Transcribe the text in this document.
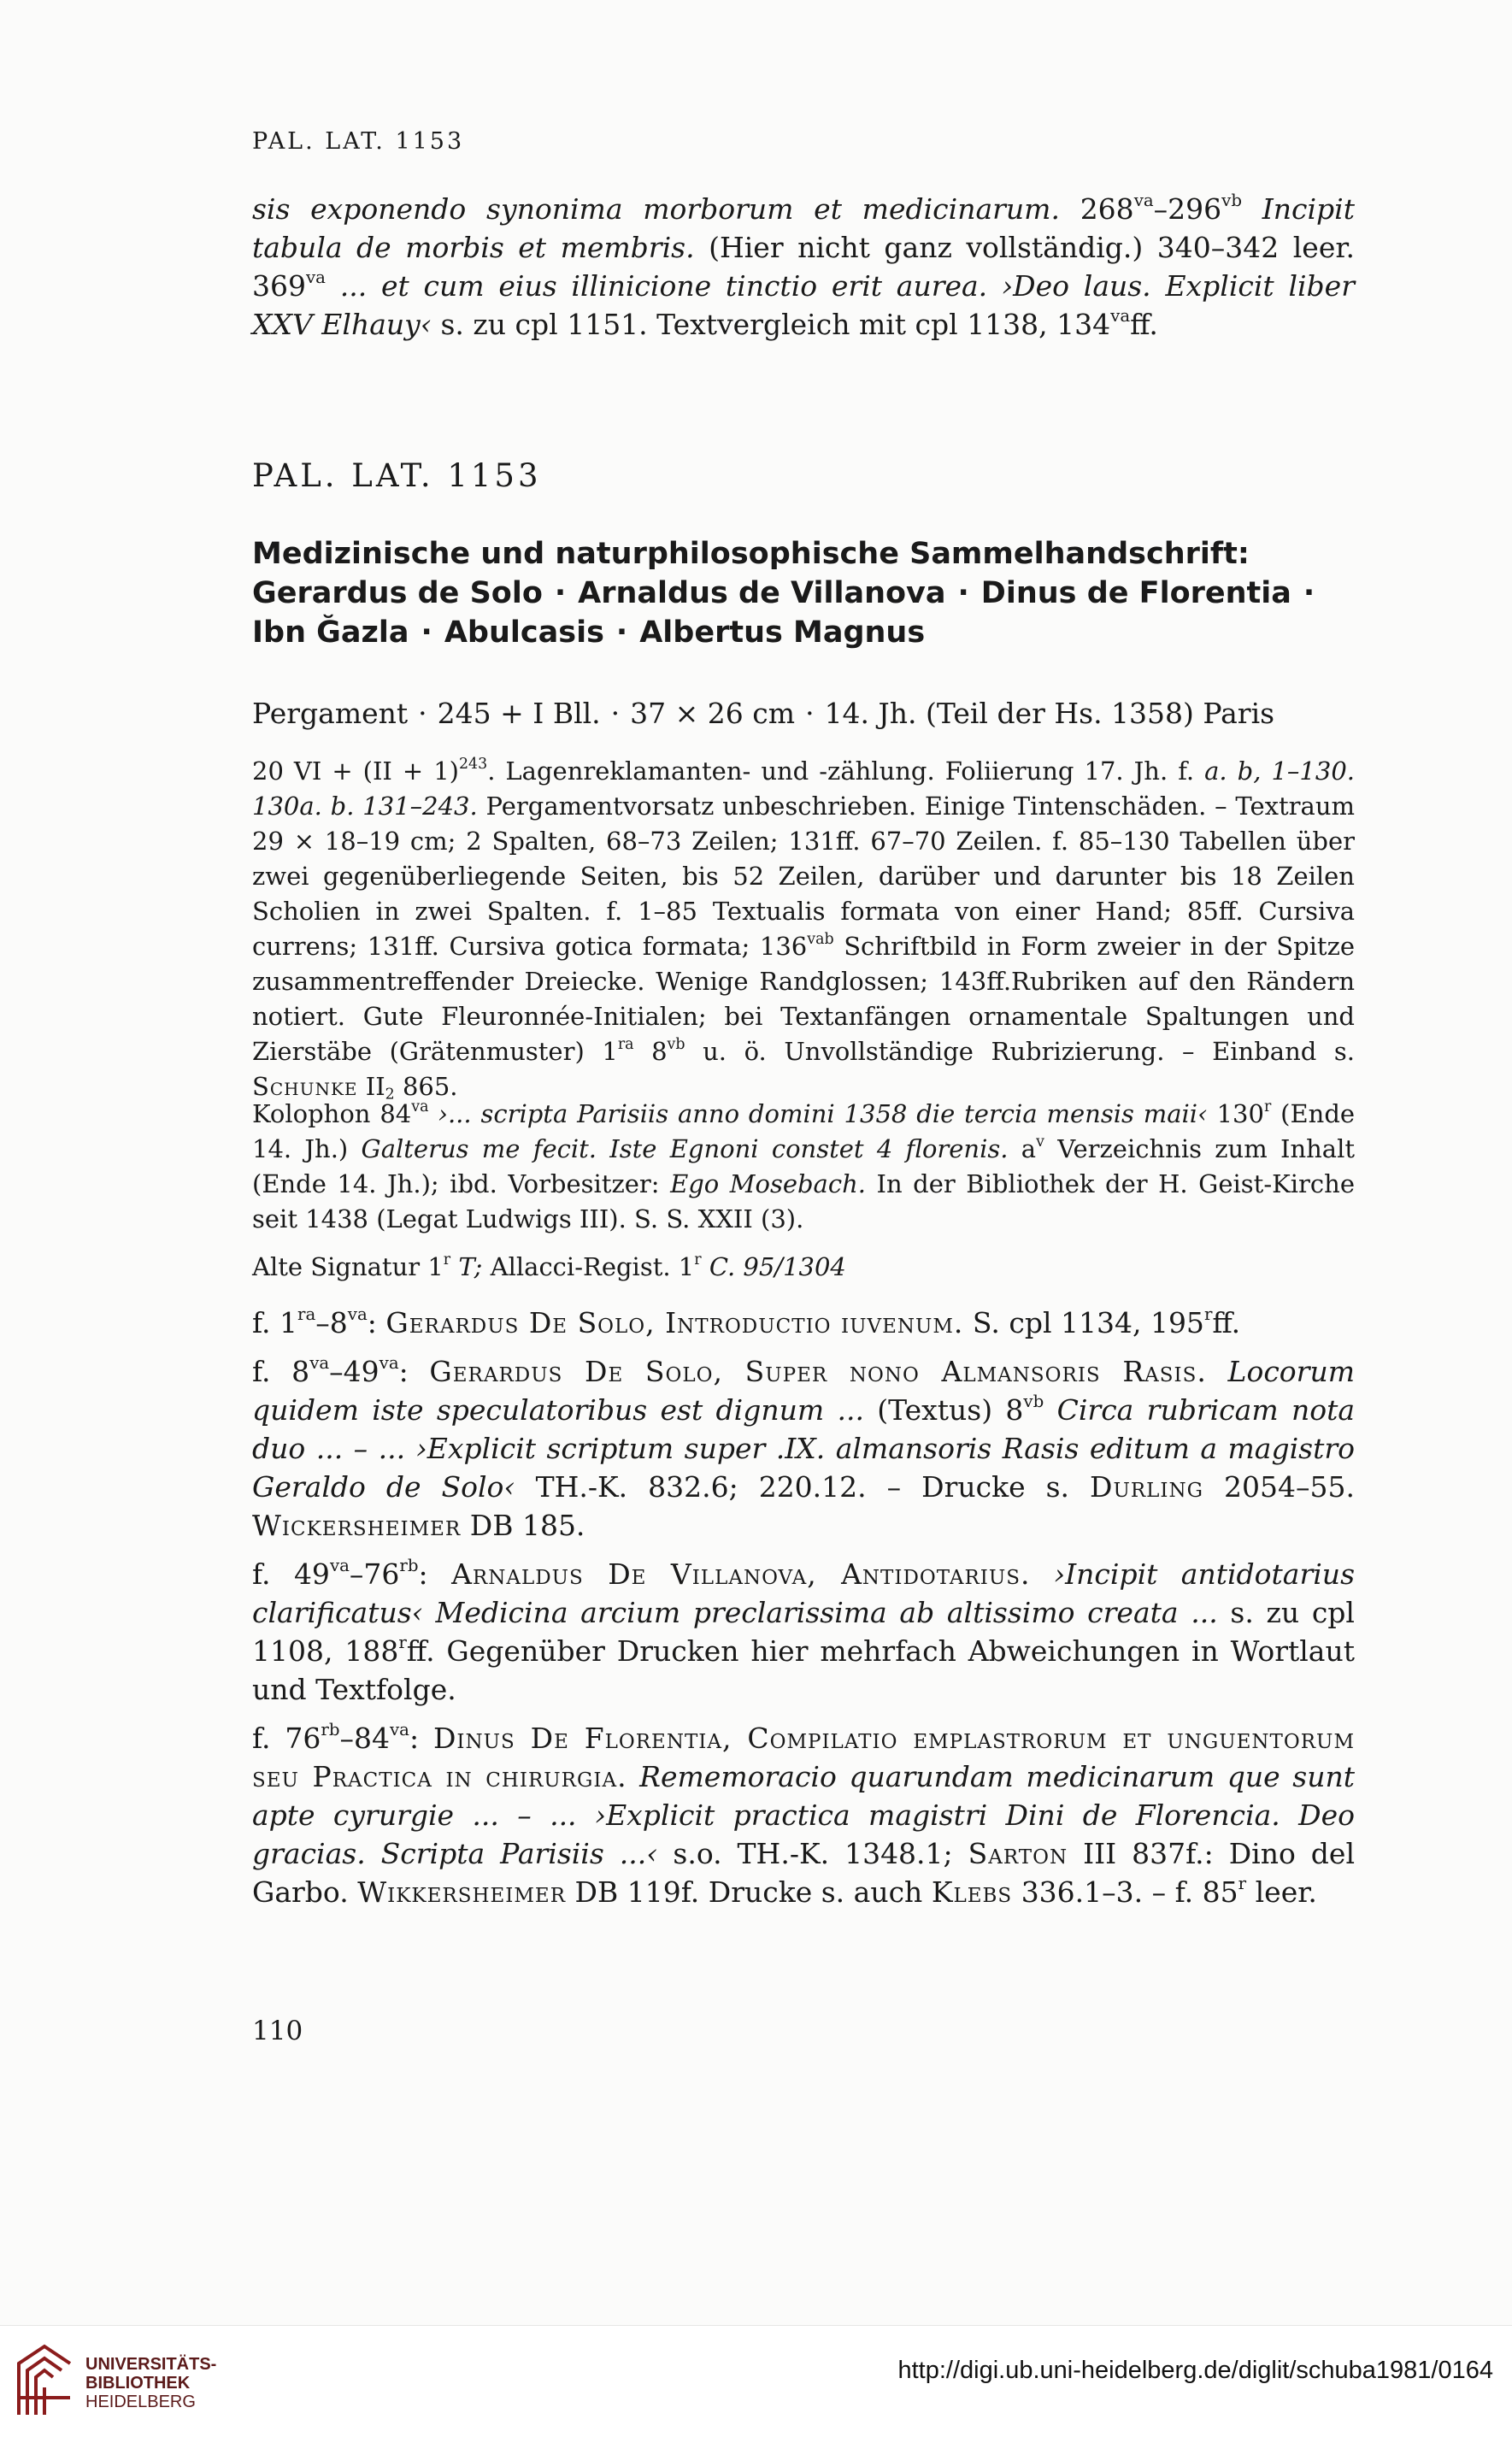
PAL. LAT. 1153

sis exponendo synonima morborum et medicinarum. $268^{va}-296^{vb}$ Incipit tabula de morbis et membris. (Hier nicht ganz vollständig.) 340–342 leer. $369^{va}$ ... et cum eius illinicione tinctio erit aurea. ›Deo laus. Explicit liber XXV Elhauy‹ s. zu cpl 1151. Textvergleich mit cpl 1138, $134^{va}ff$.

PAL. LAT. 1153
Medizinische und naturphilosophische Sammelhandschrift: Gerardus de Solo · Arnaldus de Villanova · Dinus de Florentia ·Ibn Ğazla · Abulcasis · Albertus Magnus

Pergament · 245 + I Bll. · 37 × 26 cm · 14. Jh. (Teil der Hs. 1358) Paris

20 VI + (II + 1)$^{243}$. Lagenreklamanten- und -zählung. Foliierung 17. Jh. f. a. b, 1–130. 130a. b. 131–243. Pergamentvorsatz unbeschrieben. Einige Tintenschäden. – Textraum 29 × 18–19 cm; 2 Spalten, 68–73 Zeilen; 131ff. 67–70 Zeilen. f. 85–130 Tabellen über zwei gegenüberliegende Seiten, bis 52 Zeilen, darüber und darunter bis 18 Zeilen Scholien in zwei Spalten. f. 1–85 Textualis formata von einer Hand; 85ff. Cursiva currens; 131ff. Cursiva gotica formata; $136^{vab}$ Schriftbild in Form zweier in der Spitze zusammentreffender Dreiecke. Wenige Randglossen; 143ff.Rubriken auf den Rändern notiert. Gute Fleuronnée-Initialen; bei Textanfängen ornamentale Spaltungen und Zierstäbe (Grätenmuster) $1^{ra}$ $8^{vb}$ u. ö. Unvollständige Rubrizierung. – Einband s. Schunke $II_2$ 865.

Kolophon $84^{va}$ ›... scripta Parisiis anno domini 1358 die tercia mensis maii‹ 130$^r$ (Ende 14. Jh.) Galterus me fecit. Iste Egnoni constet 4 florenis. $a^v$ Verzeichnis zum Inhalt (Ende 14. Jh.); ibd. Vorbesitzer: Ego Mosebach. In der Bibliothek der H. Geist-Kirche seit 1438 (Legat Ludwigs III). S. S. XXII (3).

Alte Signatur 1$^r$ T; Allacci-Regist. 1$^r$ C. 95/1304

f. $1^{ra}-8^{va}$: Gerardus De Solo, Introductio iuvenum. S. cpl 1134, 195$^r$ff.

f. $8^{va}-49^{va}$: Gerardus De Solo, Super nono Almansoris Rasis. Locorum quidem iste speculatoribus est dignum ... (Textus) $8^{vb}$ Circa rubricam nota duo ... – ... ›Explicit scriptum super .IX. almansoris Rasis editum a magistro Geraldo de Solo‹ TH.-K. 832.6; 220.12. – Drucke s. Durling 2054–55. Wickersheimer DB 185.

f. $49^{va}-76^{rb}$: Arnaldus De Villanova, Antidotarius. ›Incipit antidotarius clarificatus‹ Medicina arcium preclarissima ab altissimo creata ... s. zu cpl 1108, 188$^r$ff. Gegenüber Drucken hier mehrfach Abweichungen in Wortlaut und Textfolge.

f. $76^{rb}-84^{va}$: Dinus De Florentia, Compilatio emplastrorum et unguentorum seu Practica in chirurgia. Rememoracio quarundam medicinarum que sunt apte cyrurgie ... – ... ›Explicit practica magistri Dini de Florencia. Deo gracias. Scripta Parisiis ...‹ s.o. TH.-K. 1348.1; Sarton III 837f.: Dino del Garbo. Wikkersheimer DB 119f. Drucke s. auch Klebs 336.1–3. – f. 85$^r$ leer.

110
UNIVERSITÄTS-
BIBLIOTHEK
HEIDELBERG
http://digi.ub.uni-heidelberg.de/diglit/schuba1981/0164
